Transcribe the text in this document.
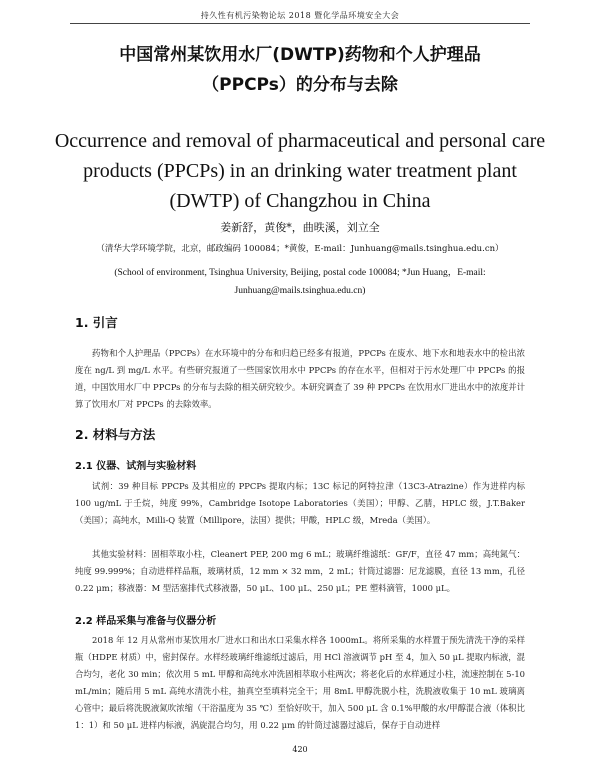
持久性有机污染物论坛 2018 暨化学品环境安全大会
中国常州某饮用水厂(DWTP)药物和个人护理品
（PPCPs）的分布与去除
Occurrence and removal of pharmaceutical and personal care
products (PPCPs) in an drinking water treatment plant
(DWTP) of Changzhou in China
姜新舒，黄俊*，曲昳溪，刘立全
（清华大学环境学院，北京，邮政编码 100084；*黄俊，E-mail：Junhuang@mails.tsinghua.edu.cn）
(School of environment, Tsinghua University, Beijing, postal code 100084; *Jun Huang，E-mail:
Junhuang@mails.tsinghua.edu.cn)
1. 引言

药物和个人护理品（PPCPs）在水环境中的分布和归趋已经多有报道，PPCPs 在废水、地下水和地表水中的检出浓度在 ng/L 到 mg/L 水平。有些研究报道了一些国家饮用水中 PPCPs 的存在水平，但相对于污水处理厂中 PPCPs 的报道，中国饮用水厂中 PPCPs 的分布与去除的相关研究较少。本研究调查了 39 种 PPCPs 在饮用水厂进出水中的浓度并计算了饮用水厂对 PPCPs 的去除效率。

2. 材料与方法
2.1 仪器、试剂与实验材料

试剂：39 种目标 PPCPs 及其相应的 PPCPs 提取内标；13C 标记的阿特拉津（13C3-Atrazine）作为进样内标 100 ug/mL 于壬烷，纯度 99%，Cambridge Isotope Laboratories（美国）；甲醇、乙腈，HPLC 级，J.T.Baker（美国）；高纯水，Milli-Q 装置（Millipore，法国）提供；甲酸，HPLC 级，Mreda（美国）。

其他实验材料：固相萃取小柱，Cleanert PEP, 200 mg 6 mL；玻璃纤维滤纸：GF/F，直径 47 mm；高纯氮气：纯度 99.999%；自动进样样品瓶，玻璃材质，12 mm × 32 mm，2 mL；针筒过滤器：尼龙滤膜，直径 13 mm，孔径 0.22 μm；移液器：M 型活塞排代式移液器，50 μL、100 μL、250 μL；PE 塑料滴管，1000 μL。

2.2 样品采集与准备与仪器分析

2018 年 12 月从常州市某饮用水厂进水口和出水口采集水样各 1000mL。将所采集的水样置于预先清洗干净的采样瓶（HDPE 材质）中，密封保存。水样经玻璃纤维滤纸过滤后，用 HCl 溶液调节 pH 至 4，加入 50 μL 提取内标液，混合均匀，老化 30 min；依次用 5 mL 甲醇和高纯水冲洗固相萃取小柱两次；将老化后的水样通过小柱，流速控制在 5-10 mL/min；随后用 5 mL 高纯水清洗小柱，抽真空至填料完全干；用 8mL 甲醇洗脱小柱，洗脱液收集于 10 mL 玻璃离心管中；最后将洗脱液氮吹浓缩（干浴温度为 35 ℃）至恰好吹干，加入 500 μL 含 0.1%甲酸的水/甲醇混合液（体积比 1：1）和 50 μL 进样内标液，涡旋混合均匀，用 0.22 μm 的针筒过滤器过滤后，保存于自动进样

420
